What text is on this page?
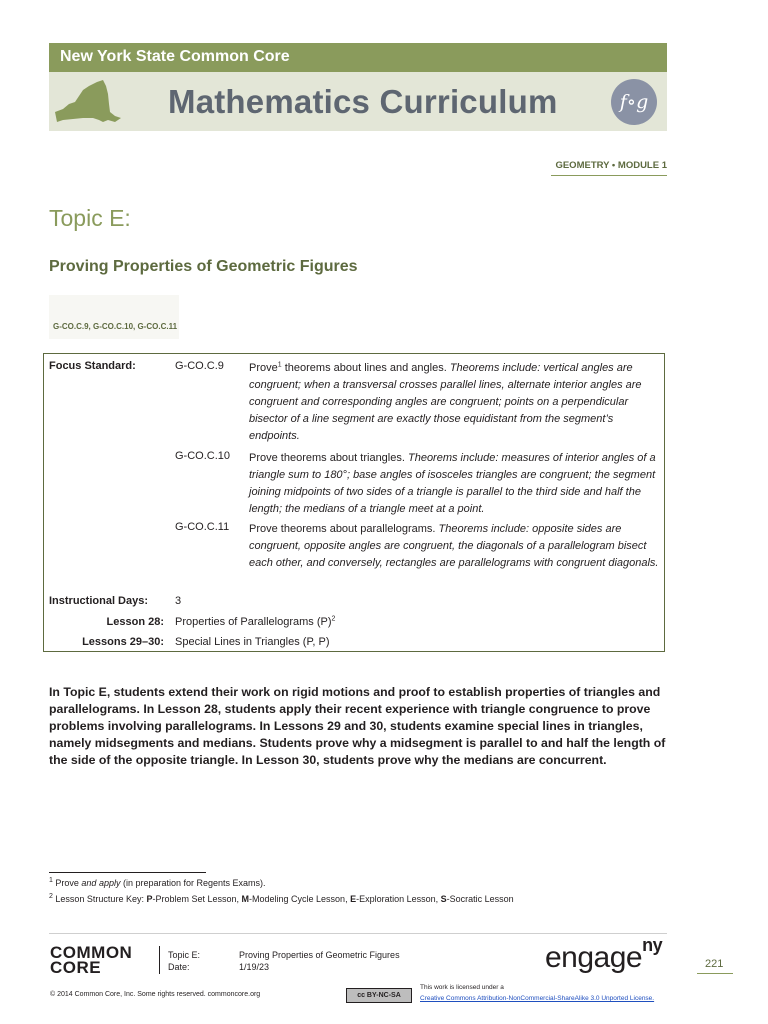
New York State Common Core
Mathematics Curriculum	f∘g
GEOMETRY • MODULE 1
Topic E:
Proving Properties of Geometric Figures
G-CO.C.9, G-CO.C.10, G-CO.C.11
Focus Standard:	G-CO.C.9 Prove$^1$ theorems about lines and angles. Theorems include: vertical angles are congruent; when a transversal crosses parallel lines, alternate interior angles are congruent and corresponding angles are congruent; points on a perpendicular bisector of a line segment are exactly those equidistant from the segment’s endpoints.
G-CO.C.10 Prove theorems about triangles. Theorems include: measures of interior angles of a triangle sum to 180°; base angles of isosceles triangles are congruent; the segment joining midpoints of two sides of a triangle is parallel to the third side and half the length; the medians of a triangle meet at a point.
G-CO.C.11 Prove theorems about parallelograms. Theorems include: opposite sides are congruent, opposite angles are congruent, the diagonals of a parallelogram bisect each other, and conversely, rectangles are parallelograms with congruent diagonals.
Instructional Days: 3
Lesson 28: Properties of Parallelograms $(P)^2$
Lessons 29–30: Special Lines in Triangles (P, P)
In Topic E, students extend their work on rigid motions and proof to establish properties of triangles and parallelograms. In Lesson 28, students apply their recent experience with triangle congruence to prove problems involving parallelograms. In Lessons 29 and 30, students examine special lines in triangles, namely midsegments and medians. Students prove why a midsegment is parallel to and half the length of the side of the opposite triangle. In Lesson 30, students prove why the medians are concurrent.
$^1$ Prove and apply (in preparation for Regents Exams).
$^2$ Lesson Structure Key: P-Problem Set Lesson, M-Modeling Cycle Lesson, E-Exploration Lesson, S-Socratic Lesson
COMMON
CORE
Topic E:	Proving Properties of Geometric Figures
Date:	1/19/23	engage$^{ny}$
221
© 2014 Common Core, Inc. Some rights reserved. commoncore.org	cc BY-NC-SA
This work is licensed under a
Creative Commons Attribution-NonCommercial-ShareAlike 3.0 Unported License.
